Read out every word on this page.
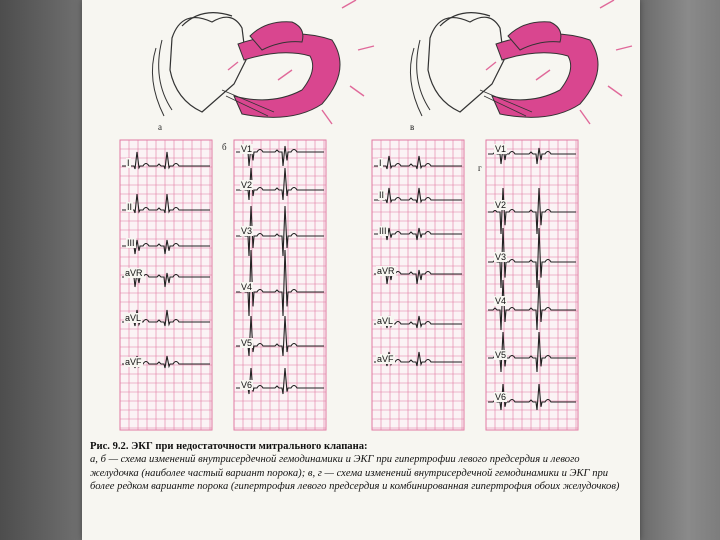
а
б
в
г
I
II
III
aVR
aVL
aVF
V1
V2
V3
V4
V5
V6
I
II
III
aVR
aVL
aVF
V1
V2
V3
V4
V5
V6
Рис. 9.2. ЭКГ при недостаточности митрального клапана:
а, б — схема изменений внутрисердечной гемодинамики и ЭКГ при гипертрофии левого предсердия и левого желудочка (наиболее частый вариант порока); в, г — схема изменений внутрисердечной гемодинамики и ЭКГ при более редком варианте порока (гипертрофия левого предсердия и комбинированная гипертрофия обоих желудочков)
